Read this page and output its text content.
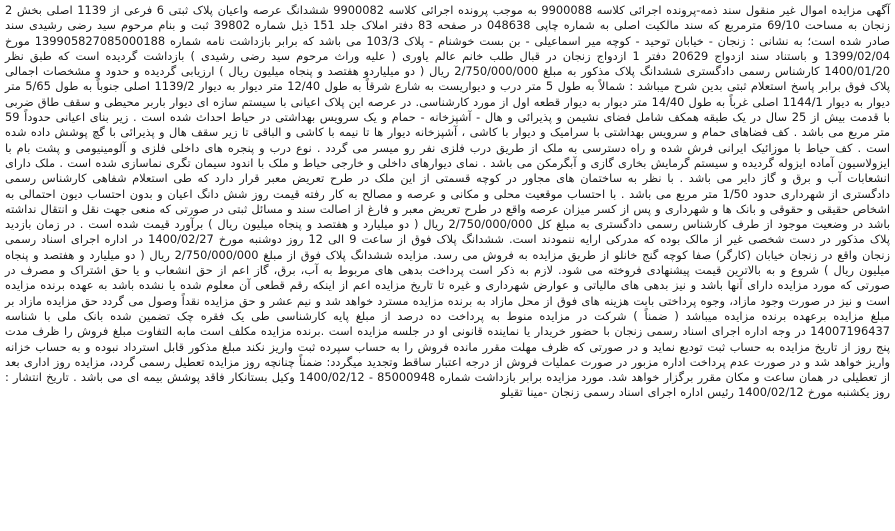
آگهی مزایده اموال غیر منقول سند ذمه-پرونده اجرائی کلاسه 9900088 به موجب پرونده اجرائی کلاسه 9900082 ششدانگ عرصه واعیان پلاک ثبتی 6 فرعی از 1139 اصلی بخش 2 زنجان به مساحت 69/10 مترمربع که سند مالکیت اصلی به شماره چاپی 048638 در صفحه 83 دفتر املاک جلد 151 ذیل شماره 39802 ثبت و بنام مرحوم سید رضی رشیدی سند صادر شده است؛ به نشانی : زنجان - خیابان توحید - کوچه میر اسماعیلی - بن بست خوشنام - پلاک 103/3 می باشد که برابر بازداشت نامه شماره 139905827085000188 مورخ 1399/02/04 و باستناد سند ازدواج 20629 دفتر 1 ازدواج زنجان در قبال طلب خانم عالم یاوری ( علیه وراث مرحوم سید رضی رشیدی ) بازداشت گردیده است که طبق نظر 1400/01/20 کارشناس رسمی دادگستری ششدانگ پلاک مذکور به مبلغ 2/750/000/000 ریال ( دو میلیاردو هفتصد و پنجاه میلیون ریال ) ارزیابی گردیده و حدود و مشخصات اجمالی پلاک فوق برابر پاسخ استعلام ثبتی بدین شرح میباشد : شمالاً به طول 5 متر درب و دیواریست به شارع شرقاً به طول 12/40 متر دیوار به دیوار 1139/2 اصلی جنوباً به طول 5/65 متر دیوار به دیوار 1144/1 اصلی غرباً به طول 14/40 متر دیوار به دیوار قطعه اول از مورد کارشناسی. در عرصه این پلاک اعیانی با سیستم سازه ای دیوار باربر محیطی و سقف طاق ضربی با قدمت بیش از 25 سال در یک طبقه همکف شامل فضای نشیمن و پذیرائی و هال - آشپزخانه - حمام و یک سرویس بهداشتی در حیاط احداث شده است . زیر بنای اعیانی حدوداً 59 متر مربع می باشد . کف فضاهای حمام و سرویس بهداشتی با سرامیک و دیوار با کاشی ، آشپزخانه دیوار ها تا نیمه با کاشی و الباقی تا زیر سقف هال و پذیرائی با گچ پوشش داده شده است . کف حیاط با موزائیک ایرانی فرش شده و راه دسترسی به ملک از طریق درب فلزی نفر رو میسر می گردد . نوع درب و پنجره های داخلی فلزی و آلومینیومی و پشت بام با ایزولاسیون آماده ایزوله گردیده و سیستم گرمایش بخاری گازی و آبگرمکن می باشد . نمای دیوارهای داخلی و خارجی حیاط و ملک با اندود سیمان تگری نماسازی شده است . ملک دارای انشعابات آب و برق و گاز دایر می باشد . با نظر به ساختمان های مجاور در کوچه قسمتی از این ملک در طرح تعریض معبر قرار دارد که طی استعلام شفاهی کارشناس رسمی دادگستری از شهرداری حدود 1/50 متر مربع می باشد . با احتساب موقعیت محلی و مکانی و عرصه و مصالح به کار رفته قیمت روز شش دانگ اعیان و بدون احتساب دیون احتمالی به اشخاص حقیقی و حقوقی و بانک ها و شهرداری و پس از کسر میزان عرصه واقع در طرح تعریض معبر و فارغ از اصالت سند و مسائل ثبتی در صورتی که منعی جهت نقل و انتقال نداشته باشد در وضعیت موجود از طرف کارشناس رسمی دادگستری به مبلغ کل 2/750/000/000 ریال ( دو میلیارد و هفتصد و پنجاه میلیون ریال ) برآورد قیمت شده است . در زمان بازدید پلاک مذکور در دست شخصی غیر از مالک بوده که مدرکی ارایه ننمودند است. ششدانگ پلاک فوق از ساعت 9 الی 12 روز دوشنبه مورخ 1400/02/27 در اداره اجرای اسناد رسمی زنجان واقع در زنجان خیابان (کارگر) صفا کوچه گنج خانلو از طریق مزایده به فروش می رسد. مزایده ششدانگ پلاک فوق از مبلغ 2/750/000/000 ریال ( دو میلیارد و هفتصد و پنجاه میلیون ریال ) شروع و به بالاترین قیمت پیشنهادی فروخته می شود. لازم به ذکر است پرداخت بدهی های مربوط به آب، برق، گاز اعم از حق انشعاب و یا حق اشتراک و مصرف در صورتی که مورد مزایده دارای آنها باشد و نیز بدهی های مالیاتی و عوارض شهرداری و غیره تا تاریخ مزایده اعم از اینکه رقم قطعی آن معلوم شده یا نشده باشد به عهده برنده مزایده است و نیز در صورت وجود مازاد، وجوه پرداختی بابت هزینه های فوق از محل مازاد به برنده مزایده مسترد خواهد شد و نیم عشر و حق مزایده نقداً وصول می گردد حق مزایده مازاد بر مبلغ مزایده برعهده برنده مزایده میباشد ( ضمناً ) شرکت در مزایده منوط به پرداخت ده درصد از مبلغ پایه کارشناسی طی یک فقره چک تضمین شده بانک ملی با شناسه 14007196437 در وجه اداره اجرای اسناد رسمی زنجان با حضور خریدار یا نماینده قانونی او در جلسه مزایده است .برنده مزایده مکلف است مابه التفاوت مبلغ فروش را ظرف مدت پنج روز از تاریخ مزایده به حساب ثبت تودیع نماید و در صورتی که ظرف مهلت مقرر مانده فروش را به حساب سپرده ثبت واریز نکند مبلغ مذکور قابل استرداد نبوده و به حساب خزانه واریز خواهد شد و در صورت عدم پرداخت اداره مزبور در صورت عملیات فروش از درجه اعتبار ساقط وتجدید میگردد: ضمناً چنانچه روز مزایده تعطیل رسمی گردد، مزایده روز اداری بعد از تعطیلی در همان ساعت و مکان مقرر برگزار خواهد شد. مورد مزایده برابر بازداشت شماره 85000948 - 1400/02/12 وکیل بستانکار فاقد پوشش بیمه ای می باشد . تاریخ انتشار : روز یکشنبه مورخ 1400/02/12 رئیس اداره اجرای اسناد رسمی زنجان -مینا تقیلو
